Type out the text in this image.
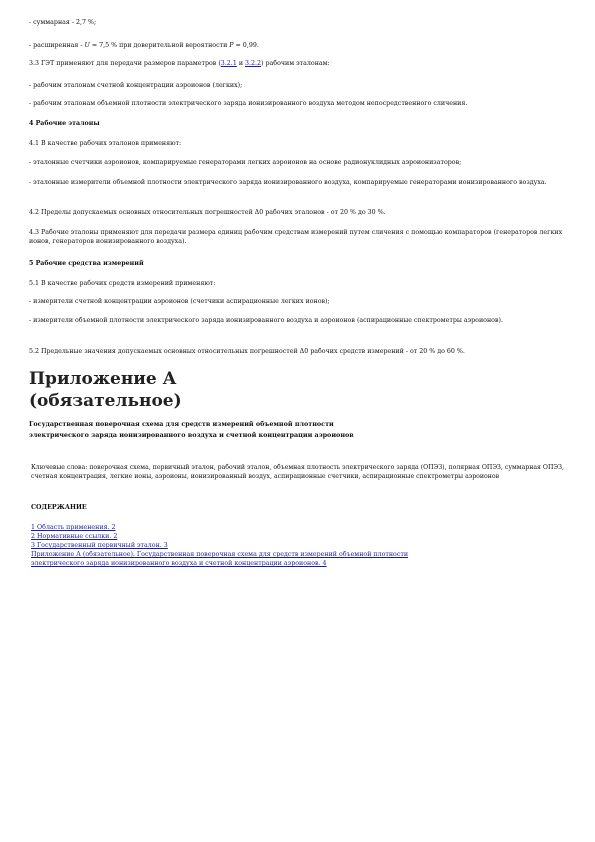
- суммарная - 2,7 %;

- расширенная - U = 7,5 % при доверительной вероятности P = 0,99.

3.3 ГЭТ применяют для передачи размеров параметров (3.2.1 и 3.2.2) рабочим эталонам:

- рабочим эталонам счетной концентрации аэроионов (легких);

- рабочим эталонам объемной плотности электрического заряда ионизированного воздуха методом непосредственного сличения.

4 Рабочие эталоны

4.1 В качестве рабочих эталонов применяют:

- эталонные счетчики аэроионов, компарируемые генераторами легких аэроионов на основе радионуклидных аэроионизаторов;

- эталонные измерители объемной плотности электрического заряда ионизированного воздуха, компарируемые генераторами ионизированного воздуха.

4.2 Пределы допускаемых основных относительных погрешностей Δ0 рабочих эталонов - от 20 % до 30 %.

4.3 Рабочие эталоны применяют для передачи размера единиц рабочим средствам измерений путем сличения с помощью компараторов (генераторов легких ионов, генераторов ионизированного воздуха).

5 Рабочие средства измерений

5.1 В качестве рабочих средств измерений применяют:

- измерители счетной концентрации аэроионов (счетчики аспирационные легких ионов);

- измерители объемной плотности электрического заряда ионизированного воздуха и аэроионов (аспирационные спектрометры аэроионов).

5.2 Предельные значения допускаемых основных относительных погрешностей Δ0 рабочих средств измерений - от 20 % до 60 %.

Приложение А
(обязательное)

Государственная поверочная схема для средств измерений объемной плотности

электрического заряда ионизированного воздуха и счетной концентрации аэроионов

Ключевые слова: поверочная схема, первичный эталон, рабочий эталон, объемная плотность электрического заряда (ОПЭЗ), полярная ОПЭЗ, суммарная ОПЭЗ, счетная концентрация, легкие ионы, аэроионы, ионизированный воздух, аспирационные счетчики, аспирационные спектрометры аэроионов

СОДЕРЖАНИЕ

1 Область применения. 2
2 Нормативные ссылки. 2
3 Государственный первичный эталон. 3
Приложение А (обязательное). Государственная поверочная схема для средств измерений объемной плотности
электрического заряда ионизированного воздуха и счетной концентрации аэроионов. 4
